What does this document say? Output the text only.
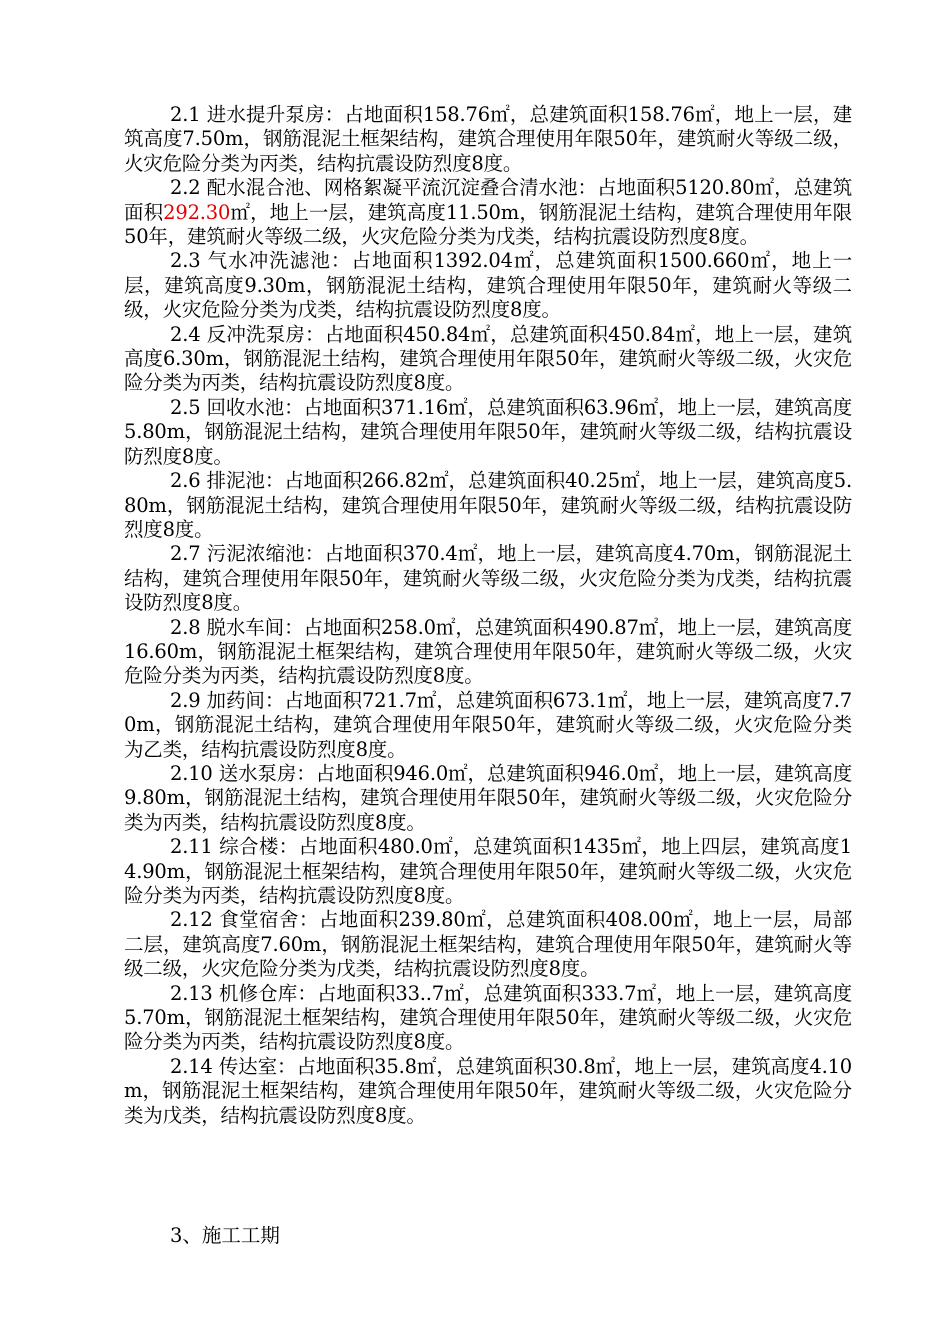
2.1 进水提升泵房：占地面积158.76㎡，总建筑面积158.76㎡，地上一层，建筑高度7.50m，钢筋混泥土框架结构，建筑合理使用年限50年，建筑耐火等级二级，火灾危险分类为丙类，结构抗震设防烈度8度。

2.2 配水混合池、网格絮凝平流沉淀叠合清水池：占地面积5120.80㎡，总建筑面积292.30㎡，地上一层，建筑高度11.50m，钢筋混泥土结构，建筑合理使用年限50年，建筑耐火等级二级，火灾危险分类为戊类，结构抗震设防烈度8度。

2.3 气水冲洗滤池：占地面积1392.04㎡，总建筑面积1500.660㎡，地上一层，建筑高度9.30m，钢筋混泥土结构，建筑合理使用年限50年，建筑耐火等级二级，火灾危险分类为戊类，结构抗震设防烈度8度。

2.4 反冲洗泵房：占地面积450.84㎡，总建筑面积450.84㎡，地上一层，建筑高度6.30m，钢筋混泥土结构，建筑合理使用年限50年，建筑耐火等级二级，火灾危险分类为丙类，结构抗震设防烈度8度。

2.5 回收水池：占地面积371.16㎡，总建筑面积63.96㎡，地上一层，建筑高度5.80m，钢筋混泥土结构，建筑合理使用年限50年，建筑耐火等级二级，结构抗震设防烈度8度。

2.6 排泥池：占地面积266.82㎡，总建筑面积40.25㎡，地上一层，建筑高度5.80m，钢筋混泥土结构，建筑合理使用年限50年，建筑耐火等级二级，结构抗震设防烈度8度。

2.7 污泥浓缩池：占地面积370.4㎡，地上一层，建筑高度4.70m，钢筋混泥土结构，建筑合理使用年限50年，建筑耐火等级二级，火灾危险分类为戊类，结构抗震设防烈度8度。

2.8 脱水车间：占地面积258.0㎡，总建筑面积490.87㎡，地上一层，建筑高度16.60m，钢筋混泥土框架结构，建筑合理使用年限50年，建筑耐火等级二级，火灾危险分类为丙类，结构抗震设防烈度8度。

2.9 加药间：占地面积721.7㎡，总建筑面积673.1㎡，地上一层，建筑高度7.70m，钢筋混泥土结构，建筑合理使用年限50年，建筑耐火等级二级，火灾危险分类为乙类，结构抗震设防烈度8度。

2.10 送水泵房：占地面积946.0㎡，总建筑面积946.0㎡，地上一层，建筑高度9.80m，钢筋混泥土结构，建筑合理使用年限50年，建筑耐火等级二级，火灾危险分类为丙类，结构抗震设防烈度8度。

2.11 综合楼：占地面积480.0㎡，总建筑面积1435㎡，地上四层，建筑高度14.90m，钢筋混泥土框架结构，建筑合理使用年限50年，建筑耐火等级二级，火灾危险分类为丙类，结构抗震设防烈度8度。

2.12 食堂宿舍：占地面积239.80㎡，总建筑面积408.00㎡，地上一层，局部二层，建筑高度7.60m，钢筋混泥土框架结构，建筑合理使用年限50年，建筑耐火等级二级，火灾危险分类为戊类，结构抗震设防烈度8度。

2.13 机修仓库：占地面积33..7㎡，总建筑面积333.7㎡，地上一层，建筑高度5.70m，钢筋混泥土框架结构，建筑合理使用年限50年，建筑耐火等级二级，火灾危险分类为丙类，结构抗震设防烈度8度。

2.14 传达室：占地面积35.8㎡，总建筑面积30.8㎡，地上一层，建筑高度4.10m，钢筋混泥土框架结构，建筑合理使用年限50年，建筑耐火等级二级，火灾危险分类为戊类，结构抗震设防烈度8度。

3、施工工期
